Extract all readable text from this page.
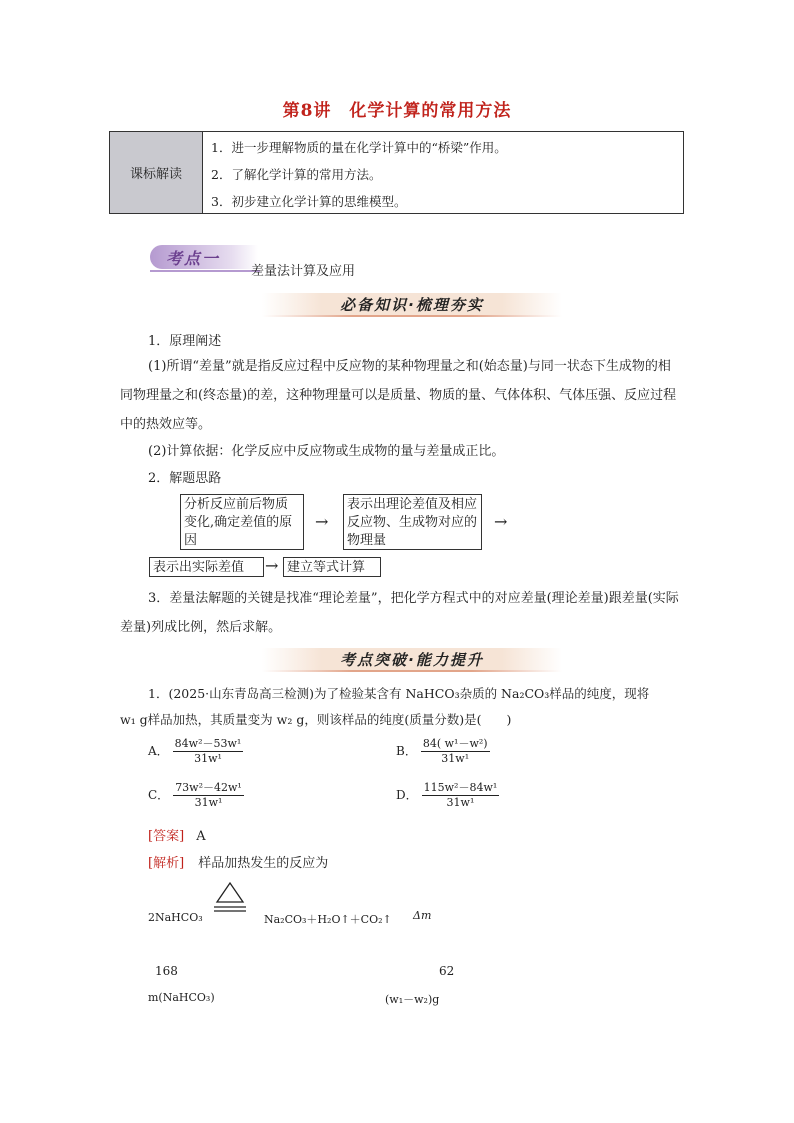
第8讲　化学计算的常用方法
课标解读
1．进一步理解物质的量在化学计算中的“桥梁”作用。
2．了解化学计算的常用方法。
3．初步建立化学计算的思维模型。
考点一
差量法计算及应用
必备知识·梳理夯实
1．原理阐述
(1)所谓“差量”就是指反应过程中反应物的某种物理量之和(始态量)与同一状态下生成物的相同物理量之和(终态量)的差，这种物理量可以是质量、物质的量、气体体积、气体压强、反应过程中的热效应等。
(2)计算依据：化学反应中反应物或生成物的量与差量成正比。
2．解题思路
分析反应前后物质变化,确定差值的原因
→
表示出理论差值及相应反应物、生成物对应的物理量
→
表示出实际差值	→ 建立等式计算
3．差量法解题的关键是找准“理论差量”，把化学方程式中的对应差量(理论差量)跟差量(实际差量)列成比例，然后求解。
考点突破·能力提升
1．(2025·山东青岛高三检测)为了检验某含有 NaHCO₃杂质的 Na₂CO₃样品的纯度，现将
w₁ g样品加热，其质量变为 w₂ g，则该样品的纯度(质量分数)是(　　)
A． $\frac{\text{84w²－53w¹}}{\text{31w¹}}$	B． $\frac{\text{84( w¹－w²)}}{\text{31w¹}}$
C． $\frac{\text{73w²－42w¹}}{\text{31w¹}}$	D． $\frac{\text{115w²－84w¹}}{\text{31w¹}}$
[答案] A
[解析] 样品加热发生的反应为
2NaHCO₃	Na₂CO₃＋H₂O↑＋CO₂↑ Δm
168	62
m(NaHCO₃)	(w₁－w₂)g
